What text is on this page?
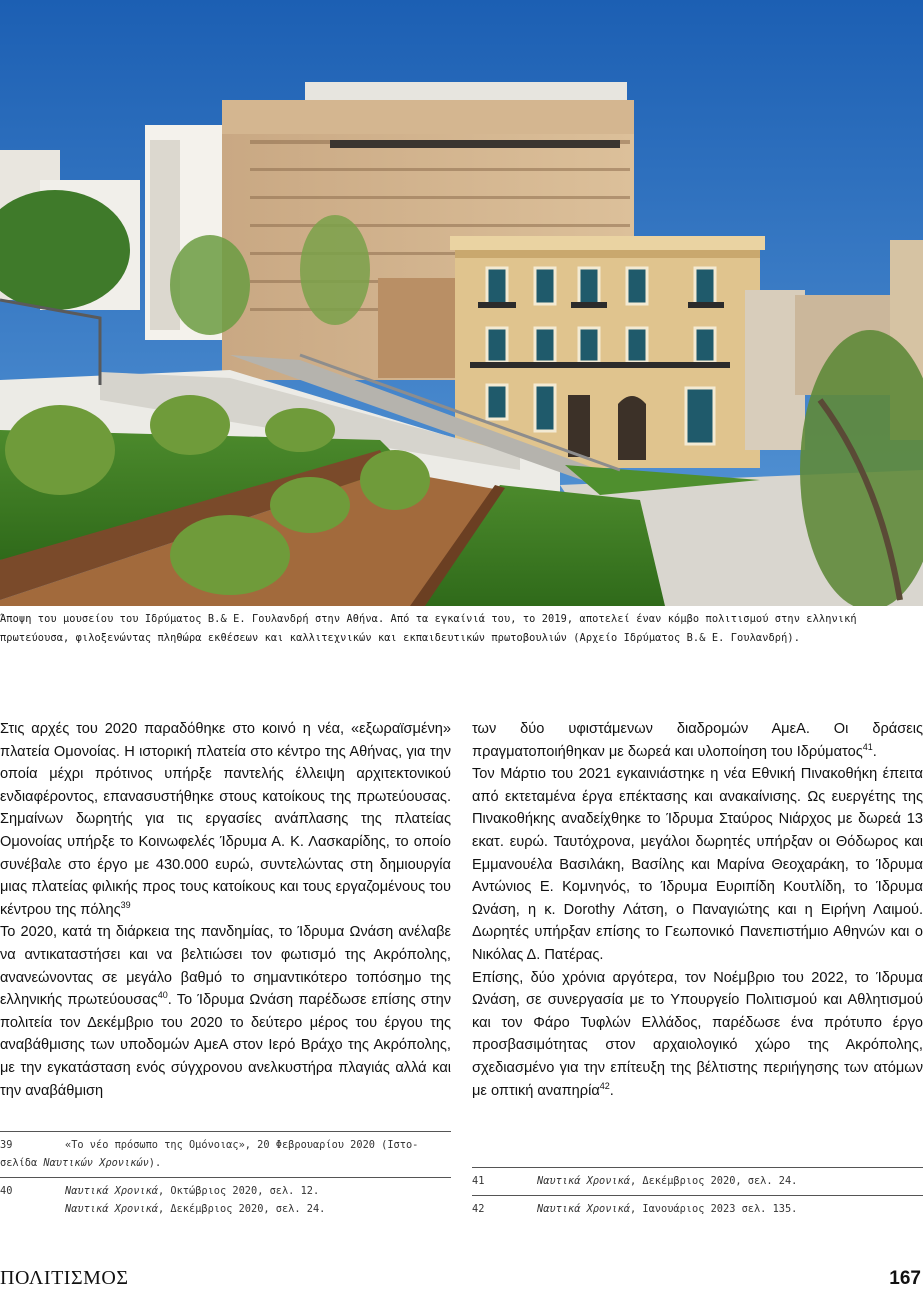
Άποψη του μουσείου του Ιδρύματος Β.& Ε. Γουλανδρή στην Αθήνα. Από τα εγκαίνιά του, το 2019, αποτελεί έναν κόμβο πολιτισμού στην ελληνική πρωτεύουσα, φιλοξενώντας πληθώρα εκθέσεων και καλλιτεχνικών και εκπαιδευτικών πρωτοβουλιών (Αρχείο Ιδρύματος Β.& Ε. Γουλανδρή).

Στις αρχές του 2020 παραδόθηκε στο κοινό η νέα, «εξωραϊσμένη» πλατεία Ομονοίας. Η ιστορική πλατεία στο κέντρο της Αθήνας, για την οποία μέχρι πρότινος υπήρξε παντελής έλλειψη αρχιτεκτονικού ενδιαφέροντος, επανασυστήθηκε στους κατοίκους της πρωτεύουσας. Σημαίνων δωρητής για τις εργασίες ανάπλασης της πλατείας Ομονοίας υπήρξε το Κοινωφελές Ίδρυμα Α. Κ. Λασκαρίδης, το οποίο συνέβαλε στο έργο με 430.000 ευρώ, συντελώντας στη δημιουργία μιας πλατείας φιλικής προς τους κατοίκους και τους εργαζομένους του κέντρου της πόλης$^{39}$

Το 2020, κατά τη διάρκεια της πανδημίας, το Ίδρυμα Ωνάση ανέλαβε να αντικαταστήσει και να βελτιώσει τον φωτισμό της Ακρόπολης, ανανεώνοντας σε μεγάλο βαθμό το σημαντικότερο τοπόσημο της ελληνικής πρωτεύουσας$^{40}$. Το Ίδρυμα Ωνάση παρέδωσε επίσης στην πολιτεία τον Δεκέμβριο του 2020 το δεύτερο μέρος του έργου της αναβάθμισης των υποδομών ΑμεΑ στον Ιερό Βράχο της Ακρόπολης, με την εγκατάσταση ενός σύγχρονου ανελκυστήρα πλαγιάς αλλά και την αναβάθμιση

των δύο υφιστάμενων διαδρομών ΑμεΑ. Οι δράσεις πραγματοποιήθηκαν με δωρεά και υλοποίηση του Ιδρύματος$^{41}$.

Τον Μάρτιο του 2021 εγκαινιάστηκε η νέα Εθνική Πινακοθήκη έπειτα από εκτεταμένα έργα επέκτασης και ανακαίνισης. Ως ευεργέτης της Πινακοθήκης αναδείχθηκε το Ίδρυμα Σταύρος Νιάρχος με δωρεά 13 εκατ. ευρώ. Ταυτόχρονα, μεγάλοι δωρητές υπήρξαν οι Θόδωρος και Εμμανουέλα Βασιλάκη, Βασίλης και Μαρίνα Θεοχαράκη, το Ίδρυμα Αντώνιος Ε. Κομνηνός, το Ίδρυμα Ευριπίδη Κουτλίδη, το Ίδρυμα Ωνάση, η κ. Dorothy Λάτση, ο Παναγιώτης και η Ειρήνη Λαιμού. Δωρητές υπήρξαν επίσης το Γεωπονικό Πανεπιστήμιο Αθηνών και ο Νικόλας Δ. Πατέρας.

Επίσης, δύο χρόνια αργότερα, τον Νοέμβριο του 2022, το Ίδρυμα Ωνάση, σε συνεργασία με το Υπουργείο Πολιτισμού και Αθλητισμού και τον Φάρο Τυφλών Ελλάδος, παρέδωσε ένα πρότυπο έργο προσβασιμότητας στον αρχαιολογικό χώρο της Ακρόπολης, σχεδιασμένο για την επίτευξη της βέλτιστης περιήγησης των ατόμων με οπτική αναπηρία$^{42}$.

39	«Το νέο πρόσωπο της Ομόνοιας», 20 Φεβρουαρίου 2020 (Ιστο-
σελίδα Ναυτικών Χρονικών).
40	Ναυτικά Χρονικά, Οκτώβριος 2020, σελ. 12.
Ναυτικά Χρονικά, Δεκέμβριος 2020, σελ. 24.
41	Ναυτικά Χρονικά, Δεκέμβριος 2020, σελ. 24.
42	Ναυτικά Χρονικά, Ιανουάριος 2023 σελ. 135.
ΠΟΛΙΤΙΣΜΟΣ	167
